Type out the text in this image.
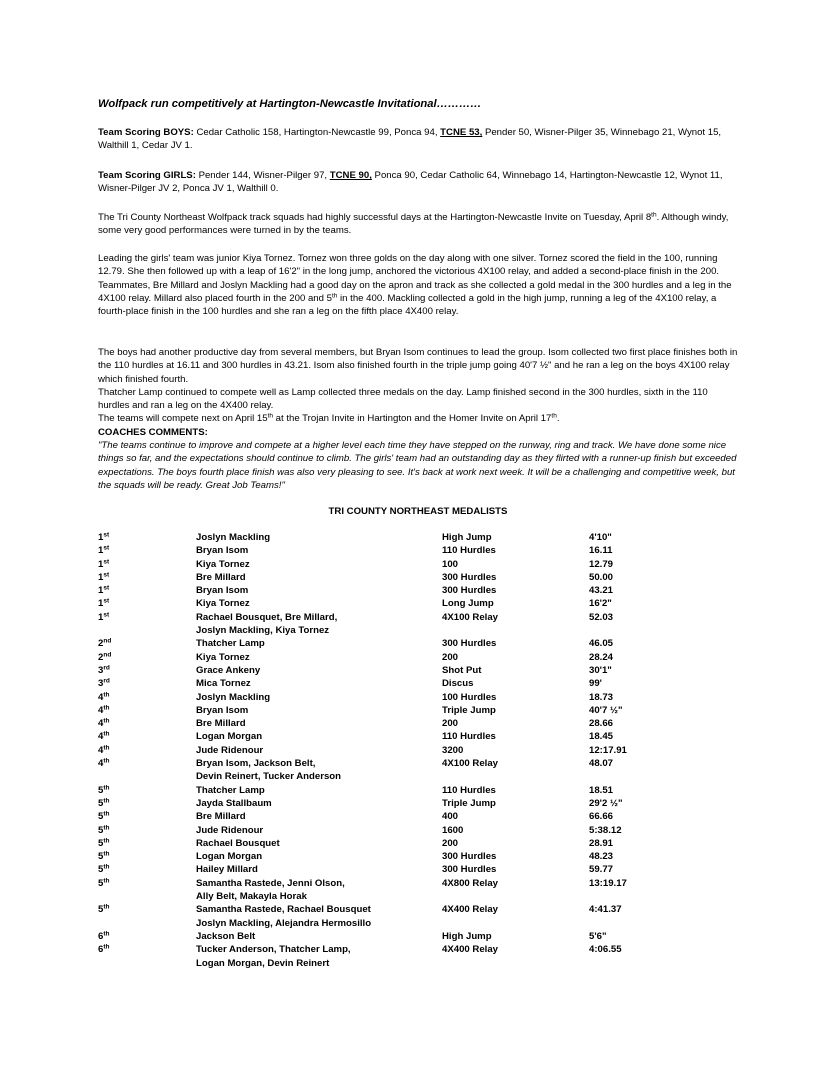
Wolfpack run competitively at Hartington-Newcastle Invitational…………

Team Scoring BOYS: Cedar Catholic 158, Hartington-Newcastle 99, Ponca 94, TCNE 53, Pender 50, Wisner-Pilger 35, Winnebago 21, Wynot 15, Walthill 1, Cedar JV 1.

Team Scoring GIRLS: Pender 144, Wisner-Pilger 97, TCNE 90, Ponca 90, Cedar Catholic 64, Winnebago 14, Hartington-Newcastle 12, Wynot 11, Wisner-Pilger JV 2, Ponca JV 1, Walthill 0.

The Tri County Northeast Wolfpack track squads had highly successful days at the Hartington-Newcastle Invite on Tuesday, April 8th. Although windy, some very good performances were turned in by the teams.

Leading the girls' team was junior Kiya Tornez. Tornez won three golds on the day along with one silver. Tornez scored the field in the 100, running 12.79. She then followed up with a leap of 16'2" in the long jump, anchored the victorious 4X100 relay, and added a second-place finish in the 200.
Teammates, Bre Millard and Joslyn Mackling had a good day on the apron and track as she collected a gold medal in the 300 hurdles and a leg in the 4X100 relay. Millard also placed fourth in the 200 and 5th in the 400. Mackling collected a gold in the high jump, running a leg of the 4X100 relay, a fourth-place finish in the 100 hurdles and she ran a leg on the fifth place 4X400 relay.
The boys had another productive day from several members, but Bryan Isom continues to lead the group. Isom collected two first place finishes both in the 110 hurdles at 16.11 and 300 hurdles in 43.21. Isom also finished fourth in the triple jump going 40'7 ½" and he ran a leg on the boys 4X100 relay which finished fourth.
Thatcher Lamp continued to compete well as Lamp collected three medals on the day. Lamp finished second in the 300 hurdles, sixth in the 110 hurdles and ran a leg on the 4X400 relay.
The teams will compete next on April 15th at the Trojan Invite in Hartington and the Homer Invite on April 17th.
COACHES COMMENTS:
"The teams continue to improve and compete at a higher level each time they have stepped on the runway, ring and track. We have done some nice things so far, and the expectations should continue to climb. The girls' team had an outstanding day as they flirted with a runner-up finish but exceeded expectations. The boys fourth place finish was also very pleasing to see. It's back at work next week. It will be a challenging and competitive week, but the squads will be ready. Great Job Teams!"

TRI COUNTY NORTHEAST MEDALISTS

1st	Joslyn Mackling	High Jump	4'10"
1st	Bryan Isom	110 Hurdles	16.11
1st	Kiya Tornez	100	12.79
1st	Bre Millard	300 Hurdles	50.00
1st	Bryan Isom	300 Hurdles	43.21
1st	Kiya Tornez	Long Jump	16'2"
1st	Rachael Bousquet, Bre Millard,
Joslyn Mackling, Kiya Tornez
4X100 Relay	52.03
2nd	Thatcher Lamp	300 Hurdles	46.05
2nd	Kiya Tornez	200	28.24
3rd	Grace Ankeny	Shot Put	30'1"
3rd	Mica Tornez	Discus	99'
4th	Joslyn Mackling	100 Hurdles	18.73
4th	Bryan Isom	Triple Jump	40'7 ½"
4th	Bre Millard	200	28.66
4th	Logan Morgan	110 Hurdles	18.45
4th	Jude Ridenour	3200	12:17.91
4th	Bryan Isom, Jackson Belt,
Devin Reinert, Tucker Anderson
4X100 Relay	48.07
5th	Thatcher Lamp	110 Hurdles	18.51
5th	Jayda Stallbaum	Triple Jump	29'2 ½"
5th	Bre Millard	400	66.66
5th	Jude Ridenour	1600	5:38.12
5th	Rachael Bousquet	200	28.91
5th	Logan Morgan	300 Hurdles	48.23
5th	Hailey Millard	300 Hurdles	59.77
5th	Samantha Rastede, Jenni Olson,
Ally Belt, Makayla Horak
4X800 Relay	13:19.17
5th	Samantha Rastede, Rachael Bousquet
Joslyn Mackling, Alejandra Hermosillo
4X400 Relay	4:41.37
6th	Jackson Belt	High Jump	5'6"
6th	Tucker Anderson, Thatcher Lamp,
Logan Morgan, Devin Reinert
4X400 Relay	4:06.55
